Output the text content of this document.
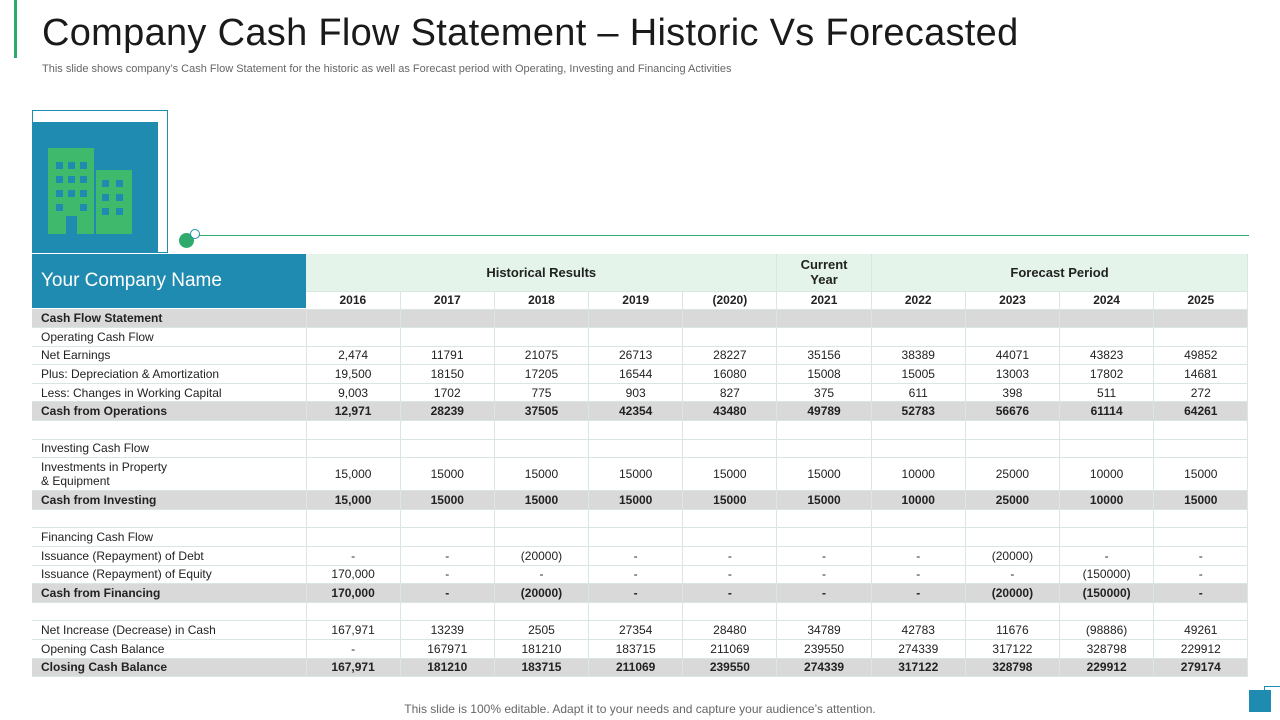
Company Cash Flow Statement – Historic Vs Forecasted
This slide shows company’s Cash Flow Statement for the historic as well as Forecast period with Operating, Investing and Financing Activities
	Historical Results					Current
Year	Forecast Period			
	2016	2017	2018	2019	(2020)	2021	2022	2023	2024	2025
Cash Flow Statement										
Operating Cash Flow										
Net Earnings	2,474	11791	21075	26713	28227	35156	38389	44071	43823	49852
Plus: Depreciation & Amortization	19,500	18150	17205	16544	16080	15008	15005	13003	17802	14681
Less: Changes in Working Capital	9,003	1702	775	903	827	375	611	398	511	272
Cash from Operations	12,971	28239	37505	42354	43480	49789	52783	56676	61114	64261

Investing Cash Flow										
Investments in Property
& Equipment	15,000	15000	15000	15000	15000	15000	10000	25000	10000	15000
Cash from Investing	15,000	15000	15000	15000	15000	15000	10000	25000	10000	15000

Financing Cash Flow										
Issuance (Repayment) of Debt	-	-	(20000)	-	-	-	-	(20000)	-	-
Issuance (Repayment) of Equity	170,000	-	-	-	-	-	-	-	(150000)	-
Cash from Financing	170,000	-	(20000)	-	-	-	-	(20000)	(150000)	-

Net Increase (Decrease) in Cash	167,971	13239	2505	27354	28480	34789	42783	11676	(98886)	49261
Opening Cash Balance	-	167971	181210	183715	211069	239550	274339	317122	328798	229912
Closing Cash Balance	167,971	181210	183715	211069	239550	274339	317122	328798	229912	279174
Your Company Name
This slide is 100% editable. Adapt it to your needs and capture your audience’s attention.
